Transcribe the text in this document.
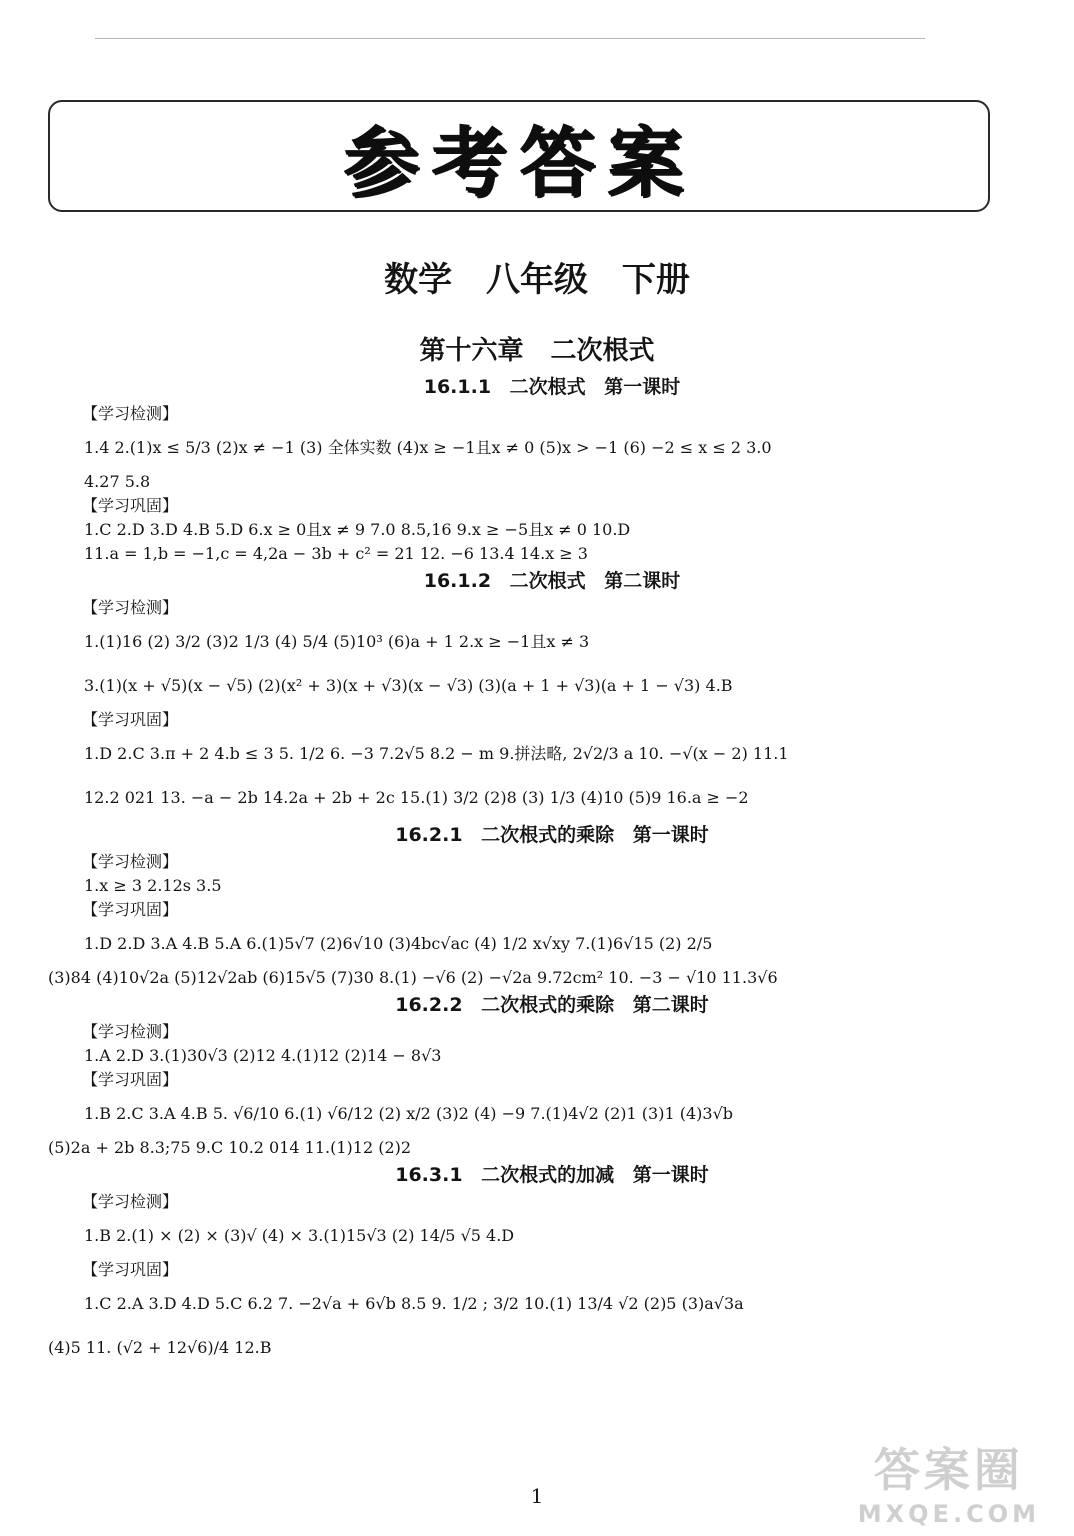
参考答案
数学 八年级 下册
第十六章 二次根式
16.1.1 二次根式 第一课时
【学习检测】
1.4 2.(1)x ≤ 5/3 (2)x ≠ −1 (3) 全体实数 (4)x ≥ −1且x ≠ 0 (5)x > −1 (6) −2 ≤ x ≤ 2 3.0
4.27 5.8
【学习巩固】
1.C 2.D 3.D 4.B 5.D 6.x ≥ 0且x ≠ 9 7.0 8.5,16 9.x ≥ −5且x ≠ 0 10.D
11.a = 1,b = −1,c = 4,2a − 3b + c² = 21 12. −6 13.4 14.x ≥ 3
16.1.2 二次根式 第二课时
【学习检测】
1.(1)16 (2) 3/2 (3)2 1/3 (4) 5/4 (5)10³ (6)a + 1 2.x ≥ −1且x ≠ 3
3.(1)(x + √5)(x − √5) (2)(x² + 3)(x + √3)(x − √3) (3)(a + 1 + √3)(a + 1 − √3) 4.B
【学习巩固】
1.D 2.C 3.π + 2 4.b ≤ 3 5. 1/2 6. −3 7.2√5 8.2 − m 9.拼法略, 2√2/3 a 10. −√(x − 2) 11.1
12.2 021 13. −a − 2b 14.2a + 2b + 2c 15.(1) 3/2 (2)8 (3) 1/3 (4)10 (5)9 16.a ≥ −2
16.2.1 二次根式的乘除 第一课时
【学习检测】
1.x ≥ 3 2.12s 3.5
【学习巩固】
1.D 2.D 3.A 4.B 5.A 6.(1)5√7 (2)6√10 (3)4bc√ac (4) 1/2 x√xy 7.(1)6√15 (2) 2/5
(3)84 (4)10√2a (5)12√2ab (6)15√5 (7)30 8.(1) −√6 (2) −√2a 9.72cm² 10. −3 − √10 11.3√6
16.2.2 二次根式的乘除 第二课时
【学习检测】
1.A 2.D 3.(1)30√3 (2)12 4.(1)12 (2)14 − 8√3
【学习巩固】
1.B 2.C 3.A 4.B 5. √6/10 6.(1) √6/12 (2) x/2 (3)2 (4) −9 7.(1)4√2 (2)1 (3)1 (4)3√b
(5)2a + 2b 8.3;75 9.C 10.2 014 11.(1)12 (2)2
16.3.1 二次根式的加减 第一课时
【学习检测】
1.B 2.(1) × (2) × (3)√ (4) × 3.(1)15√3 (2) 14/5 √5 4.D
【学习巩固】
1.C 2.A 3.D 4.D 5.C 6.2 7. −2√a + 6√b 8.5 9. 1/2 ; 3/2 10.(1) 13/4 √2 (2)5 (3)a√3a
(4)5 11. (√2 + 12√6)/4 12.B
1	答案圈
MXQE.COM
